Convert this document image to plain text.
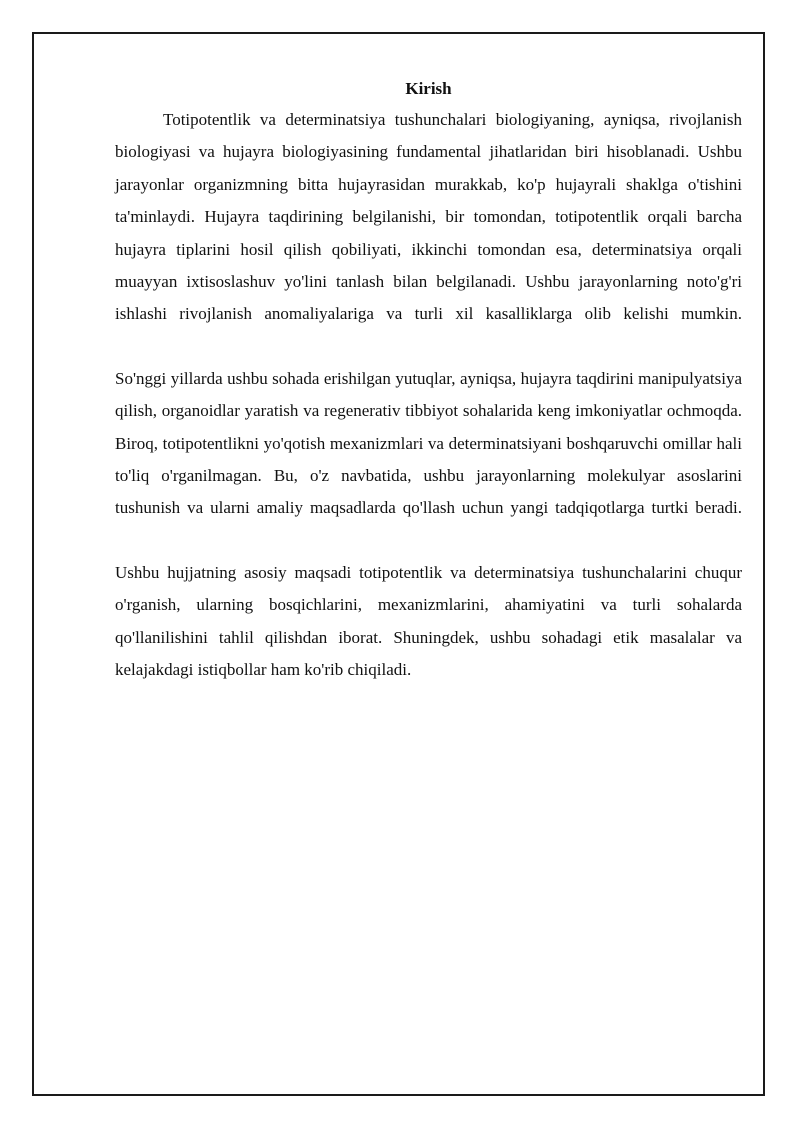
Kirish

Totipotentlik va determinatsiya tushunchalari biologiyaning, ayniqsa, rivojlanish biologiyasi va hujayra biologiyasining fundamental jihatlaridan biri hisoblanadi. Ushbu jarayonlar organizmning bitta hujayrasidan murakkab, ko'p hujayrali shaklga o'tishini ta'minlaydi. Hujayra taqdirining belgilanishi, bir tomondan, totipotentlik orqali barcha hujayra tiplarini hosil qilish qobiliyati, ikkinchi tomondan esa, determinatsiya orqali muayyan ixtisoslashuv yo'lini tanlash bilan belgilanadi. Ushbu jarayonlarning noto'g'ri ishlashi rivojlanish anomaliyalariga va turli xil kasalliklarga olib kelishi mumkin.

So'nggi yillarda ushbu sohada erishilgan yutuqlar, ayniqsa, hujayra taqdirini manipulyatsiya qilish, organoidlar yaratish va regenerativ tibbiyot sohalarida keng imkoniyatlar ochmoqda. Biroq, totipotentlikni yo'qotish mexanizmlari va determinatsiyani boshqaruvchi omillar hali to'liq o'rganilmagan. Bu, o'z navbatida, ushbu jarayonlarning molekulyar asoslarini tushunish va ularni amaliy maqsadlarda qo'llash uchun yangi tadqiqotlarga turtki beradi.

Ushbu hujjatning asosiy maqsadi totipotentlik va determinatsiya tushunchalarini chuqur o'rganish, ularning bosqichlarini, mexanizmlarini, ahamiyatini va turli sohalarda qo'llanilishini tahlil qilishdan iborat. Shuningdek, ushbu sohadagi etik masalalar va kelajakdagi istiqbollar ham ko'rib chiqiladi.
